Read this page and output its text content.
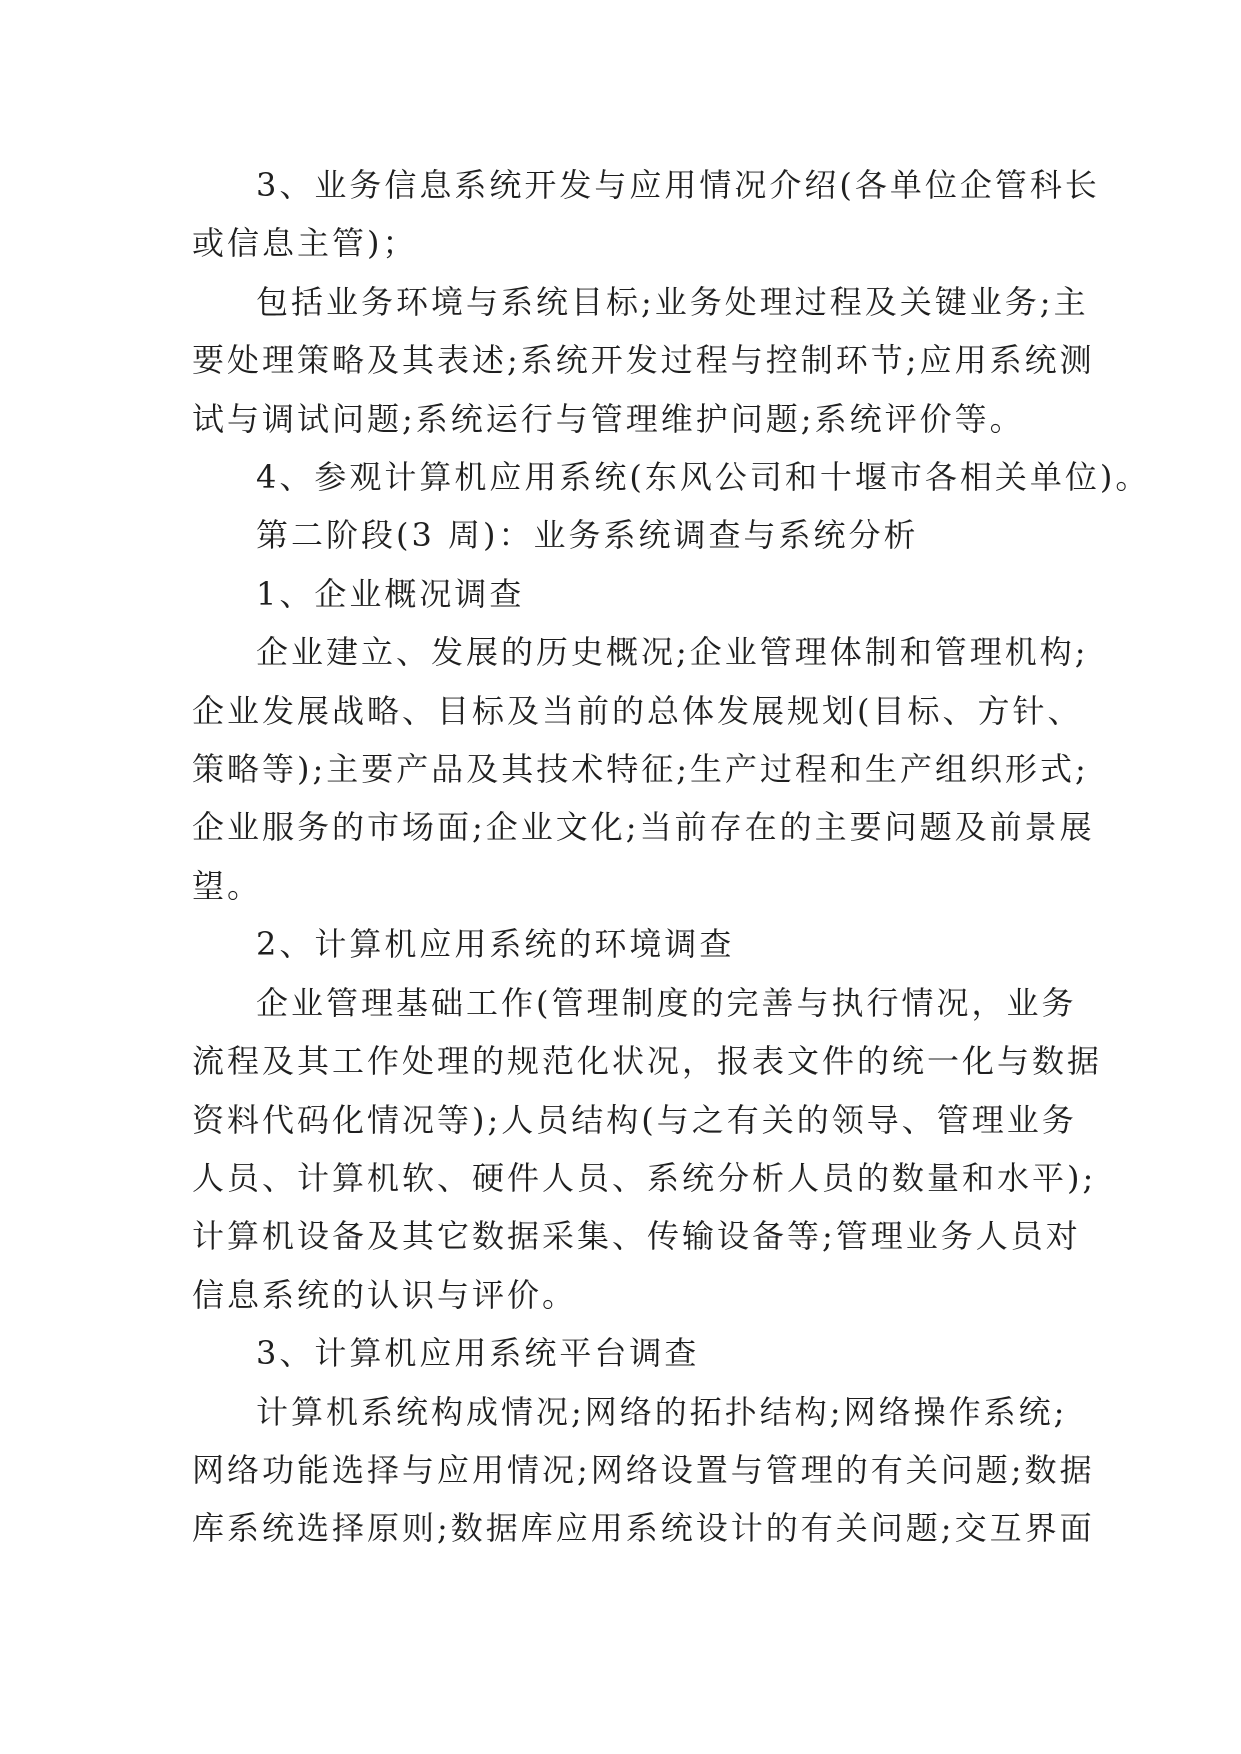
3、业务信息系统开发与应用情况介绍(各单位企管科长
或信息主管)；
包括业务环境与系统目标;业务处理过程及关键业务;主
要处理策略及其表述;系统开发过程与控制环节;应用系统测
试与调试问题;系统运行与管理维护问题;系统评价等。
4、参观计算机应用系统(东风公司和十堰市各相关单位)。
第二阶段(3 周)：业务系统调查与系统分析
1、企业概况调查
企业建立、发展的历史概况;企业管理体制和管理机构;
企业发展战略、目标及当前的总体发展规划(目标、方针、
策略等);主要产品及其技术特征;生产过程和生产组织形式;
企业服务的市场面;企业文化;当前存在的主要问题及前景展
望。
2、计算机应用系统的环境调查
企业管理基础工作(管理制度的完善与执行情况，业务
流程及其工作处理的规范化状况，报表文件的统一化与数据
资料代码化情况等);人员结构(与之有关的领导、管理业务
人员、计算机软、硬件人员、系统分析人员的数量和水平);
计算机设备及其它数据采集、传输设备等;管理业务人员对
信息系统的认识与评价。
3、计算机应用系统平台调查
计算机系统构成情况;网络的拓扑结构;网络操作系统;
网络功能选择与应用情况;网络设置与管理的有关问题;数据
库系统选择原则;数据库应用系统设计的有关问题;交互界面
